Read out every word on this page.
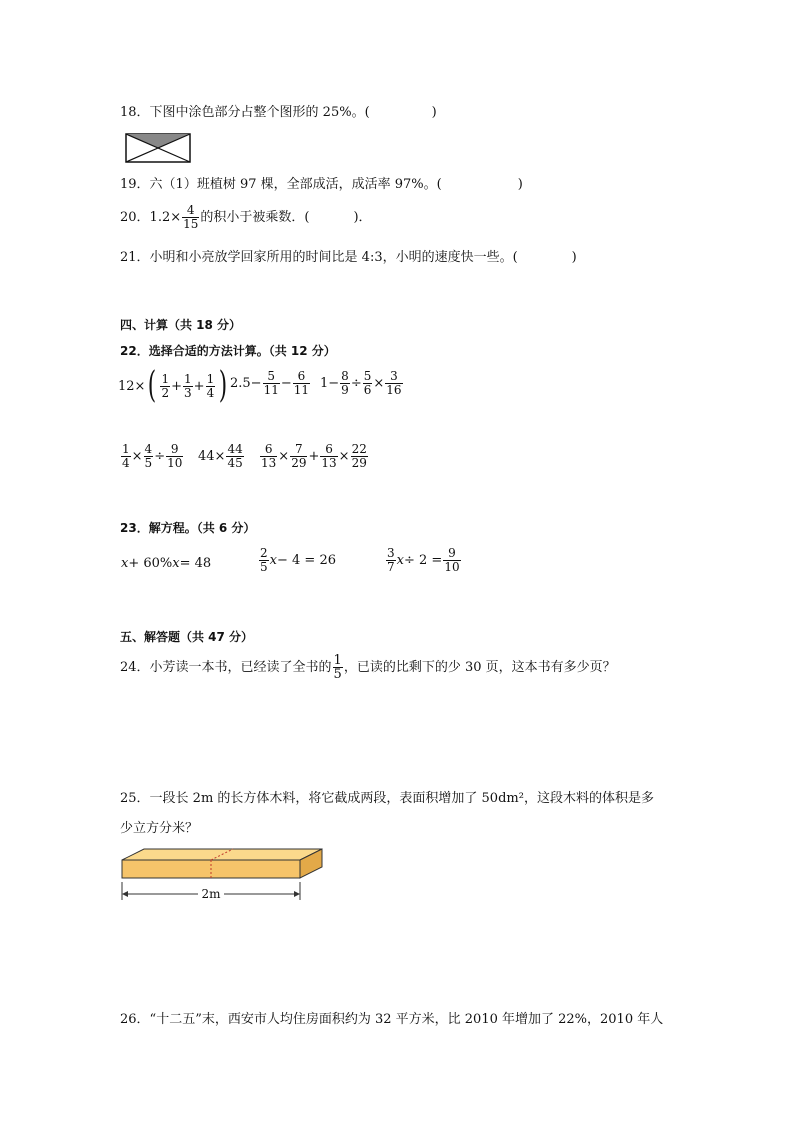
18．下图中涂色部分占整个图形的 25%。(	)
19．六（1）班植树 97 棵，全部成活，成活率 97%。(	)
20．$1.2\times \frac{4}{15}$ 的积小于被乘数．(	)．
21．小明和小亮放学回家所用的时间比是 4:3，小明的速度快一些。(	)
四、计算（共 18 分）
22．选择合适的方法计算。（共 12 分）
12× ( $\frac{1}{2} + \frac{1}{3} + \frac{1}{4}$ ) $2.5- \frac{5}{11} - \frac{6}{11} 1- \frac{8}{9} \div \frac{5}{6} \times \frac{3}{16}$
$\frac{1}{4} \times \frac{4}{5} \div \frac{9}{10} 44\times \frac{44}{45} \frac{6}{13} \times \frac{7}{29} + \frac{6}{13} \times \frac{22}{29}$
23．解方程。（共 6 分）
x + 60% x = 48	$\frac{2}{5}$ x − 4 = 26	$\frac{3}{7}$ $x \div 2 = \frac{9}{10}$
五、解答题（共 47 分）
24．小芳读一本书，已经读了全书的 $\frac{1}{5}$ ，已读的比剩下的少 30 页，这本书有多少页？
25．一段长 2m 的长方体木料，将它截成两段，表面积增加了 50dm²，这段木料的体积是多
少立方分米？
2m
26．“十二五”末，西安市人均住房面积约为 32 平方米，比 2010 年增加了 22%，2010 年人
